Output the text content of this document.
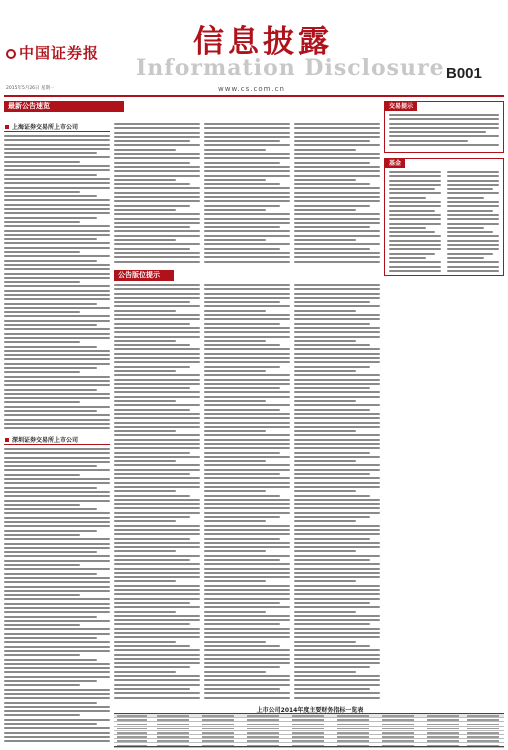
中国证券报	信息披露
Information Disclosure B001
2015年5月26日 星期一	www.cs.com.cn
最新公告速览
上海证券交易所上市公司
深圳证券交易所上市公司
公告版位提示
交易提示
基金
上市公司2014年度主要财务指标一览表
